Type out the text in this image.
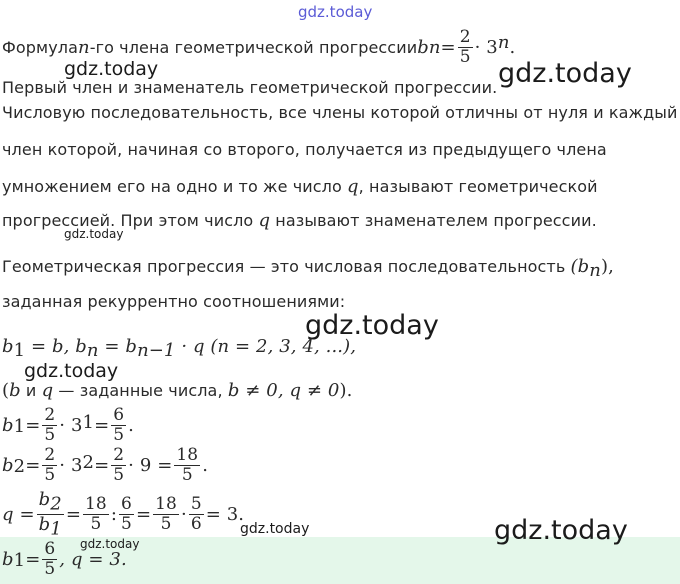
gdz.today
gdz.today	gdz.today
gdz.today
gdz.today
gdz.today
gdz.today	gdz.today
gdz.today
Формула n -го члена геометрической прогрессии b $n = \frac{2}{5} \cdot 3$ n .
Первый член и знаменатель геометрической прогрессии.
Числовую последовательность, все члены которой отличны от нуля и каждый
член которой, начиная со второго, получается из предыдущего члена
умножением его на одно и то же число q, называют геометрической
прогрессией. При этом число q называют знаменателем прогрессии.
Геометрическая прогрессия — это числовая последовательность $(b_n)$,
заданная рекуррентно соотношениями:
$b_1 = b$, $b_n = b_{n-1} \cdot q$ (n = 2, 3, 4, ...),
(b и q — заданные числа, b ≠ 0, q ≠ 0).
b $1 = \frac{2}{5} \cdot 3$ $1 = \frac{6}{5}$ .
b $2 = \frac{2}{5} \cdot 3$ $2 = \frac{2}{5} \cdot 9 = \frac{18}{5}$ .
$q = \frac{b_2}{b_1} = \frac{18}{5}$ : $\frac{6}{5} = \frac{18}{5} \cdot \frac{5}{6} = 3$.
b $1 = \frac{6}{5}$ , q = 3.
